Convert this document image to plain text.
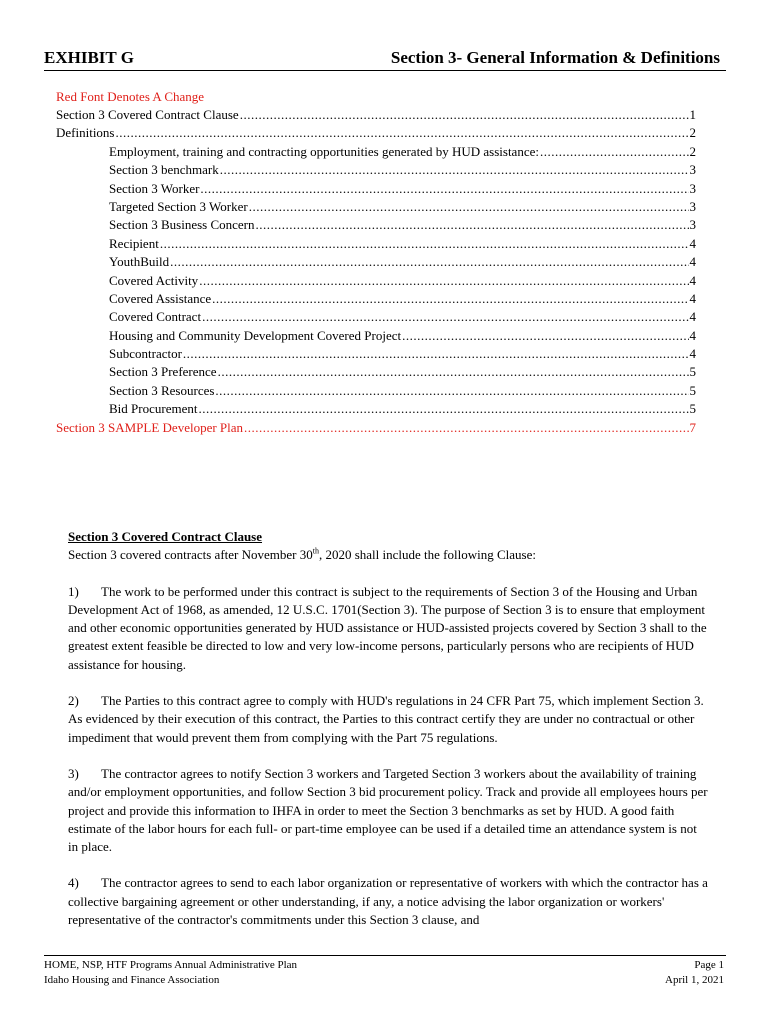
EXHIBIT G	Section 3- General Information & Definitions
Red Font Denotes A Change
Section 3 Covered Contract Clause .....	1
Definitions .....	2
Employment, training and contracting opportunities generated by HUD assistance: .....	2
Section 3 benchmark .....	3
Section 3 Worker .....	3
Targeted Section 3 Worker .....	3
Section 3 Business Concern .....	3
Recipient .....	4
YouthBuild .....	4
Covered Activity .....	4
Covered Assistance .....	4
Covered Contract .....	4
Housing and Community Development Covered Project .....	4
Subcontractor .....	4
Section 3 Preference .....	5
Section 3 Resources .....	5
Bid Procurement .....	5
Section 3 SAMPLE Developer Plan .....	7
Section 3 Covered Contract Clause

Section 3 covered contracts after November 30th, 2020 shall include the following Clause:

1) The work to be performed under this contract is subject to the requirements of Section 3 of the Housing and Urban Development Act of 1968, as amended, 12 U.S.C. 1701(Section 3). The purpose of Section 3 is to ensure that employment and other economic opportunities generated by HUD assistance or HUD-assisted projects covered by Section 3 shall to the greatest extent feasible be directed to low and very low-income persons, particularly persons who are recipients of HUD assistance for housing.

2) The Parties to this contract agree to comply with HUD's regulations in 24 CFR Part 75, which implement Section 3. As evidenced by their execution of this contract, the Parties to this contract certify they are under no contractual or other impediment that would prevent them from complying with the Part 75 regulations.

3) The contractor agrees to notify Section 3 workers and Targeted Section 3 workers about the availability of training and/or employment opportunities, and follow Section 3 bid procurement policy. Track and provide all employees hours per project and provide this information to IHFA in order to meet the Section 3 benchmarks as set by HUD. A good faith estimate of the labor hours for each full- or part-time employee can be used if a detailed time an attendance system is not in place.

4) The contractor agrees to send to each labor organization or representative of workers with which the contractor has a collective bargaining agreement or other understanding, if any, a notice advising the labor organization or workers' representative of the contractor's commitments under this Section 3 clause, and

HOME, NSP, HTF Programs Annual Administrative Plan
Idaho Housing and Finance Association
Page 1
April 1, 2021
